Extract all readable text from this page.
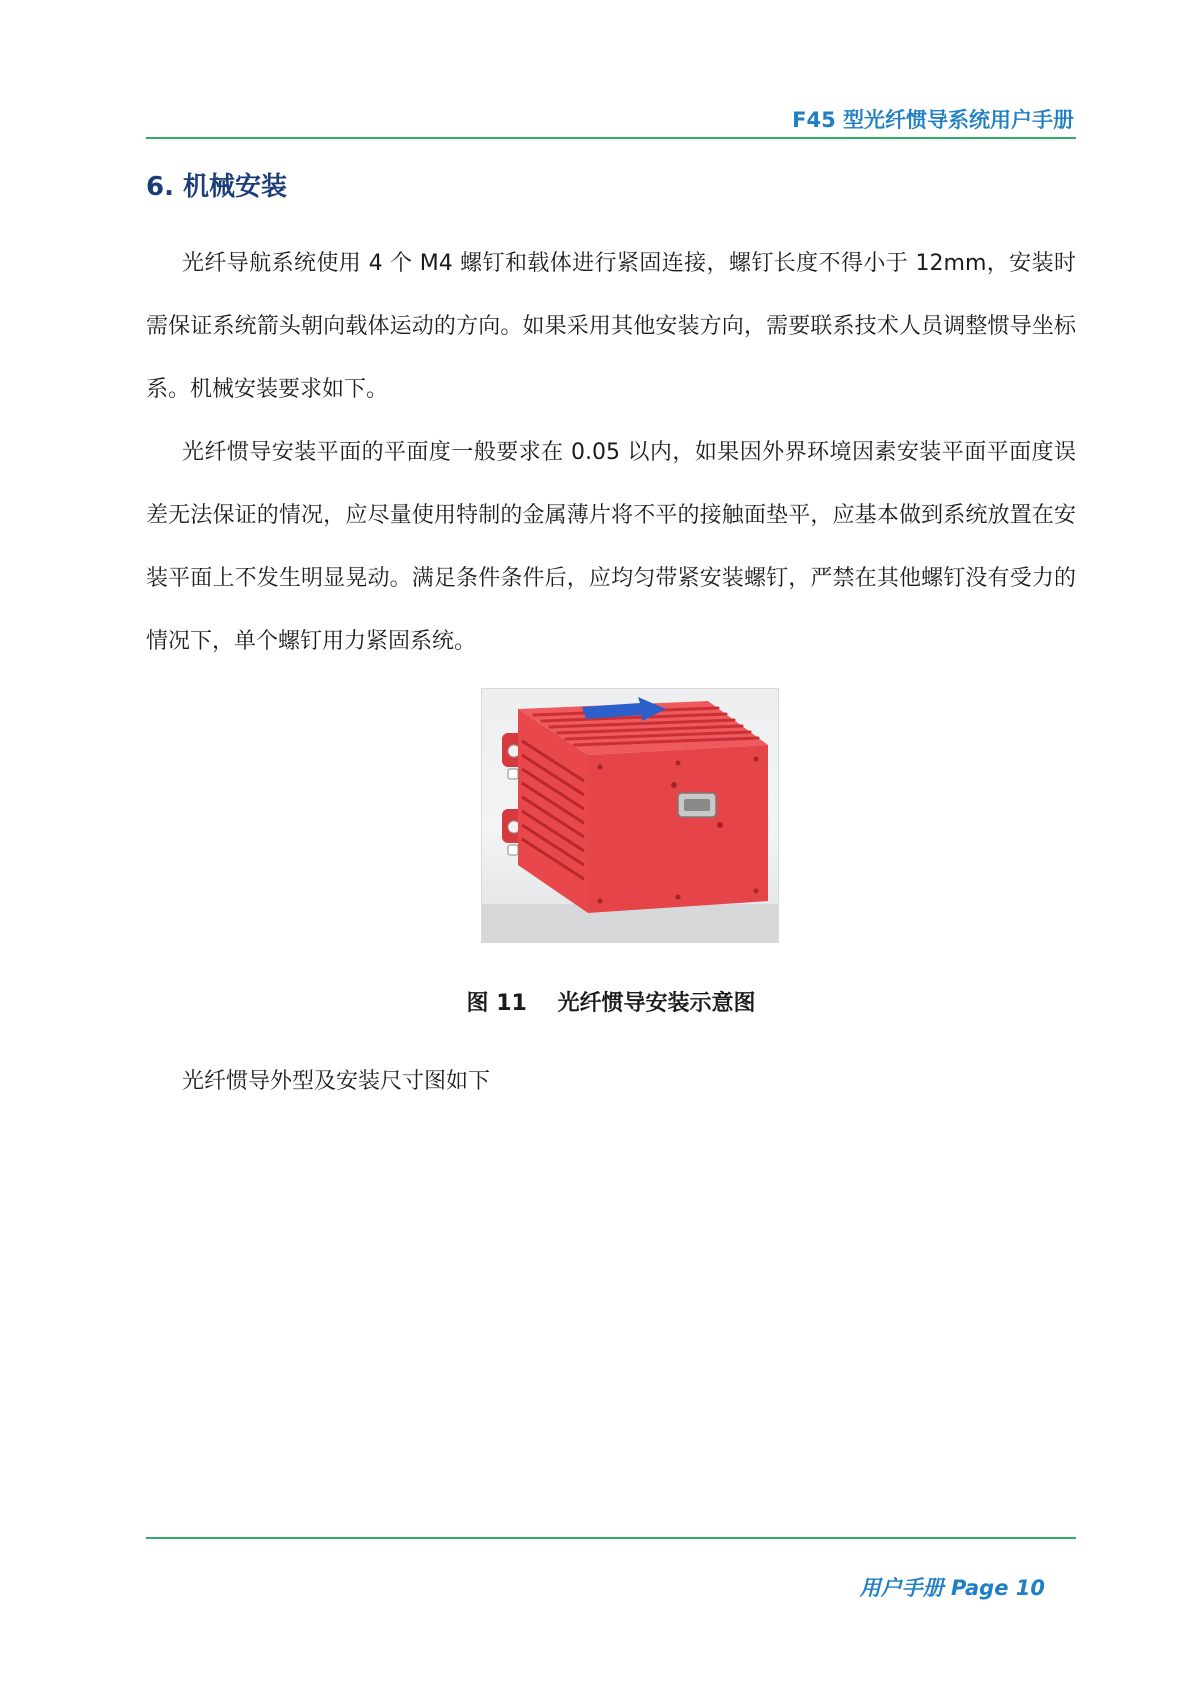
F45 型光纤惯导系统用户手册
6. 机械安装

光纤导航系统使用 4 个 M4 螺钉和载体进行紧固连接，螺钉长度不得小于 12mm，安装时需保证系统箭头朝向载体运动的方向。如果采用其他安装方向，需要联系技术人员调整惯导坐标系。机械安装要求如下。

光纤惯导安装平面的平面度一般要求在 0.05 以内，如果因外界环境因素安装平面平面度误差无法保证的情况，应尽量使用特制的金属薄片将不平的接触面垫平，应基本做到系统放置在安装平面上不发生明显晃动。满足条件条件后，应均匀带紧安装螺钉，严禁在其他螺钉没有受力的情况下，单个螺钉用力紧固系统。

图 11    光纤惯导安装示意图

光纤惯导外型及安装尺寸图如下

用户手册 Page 10
